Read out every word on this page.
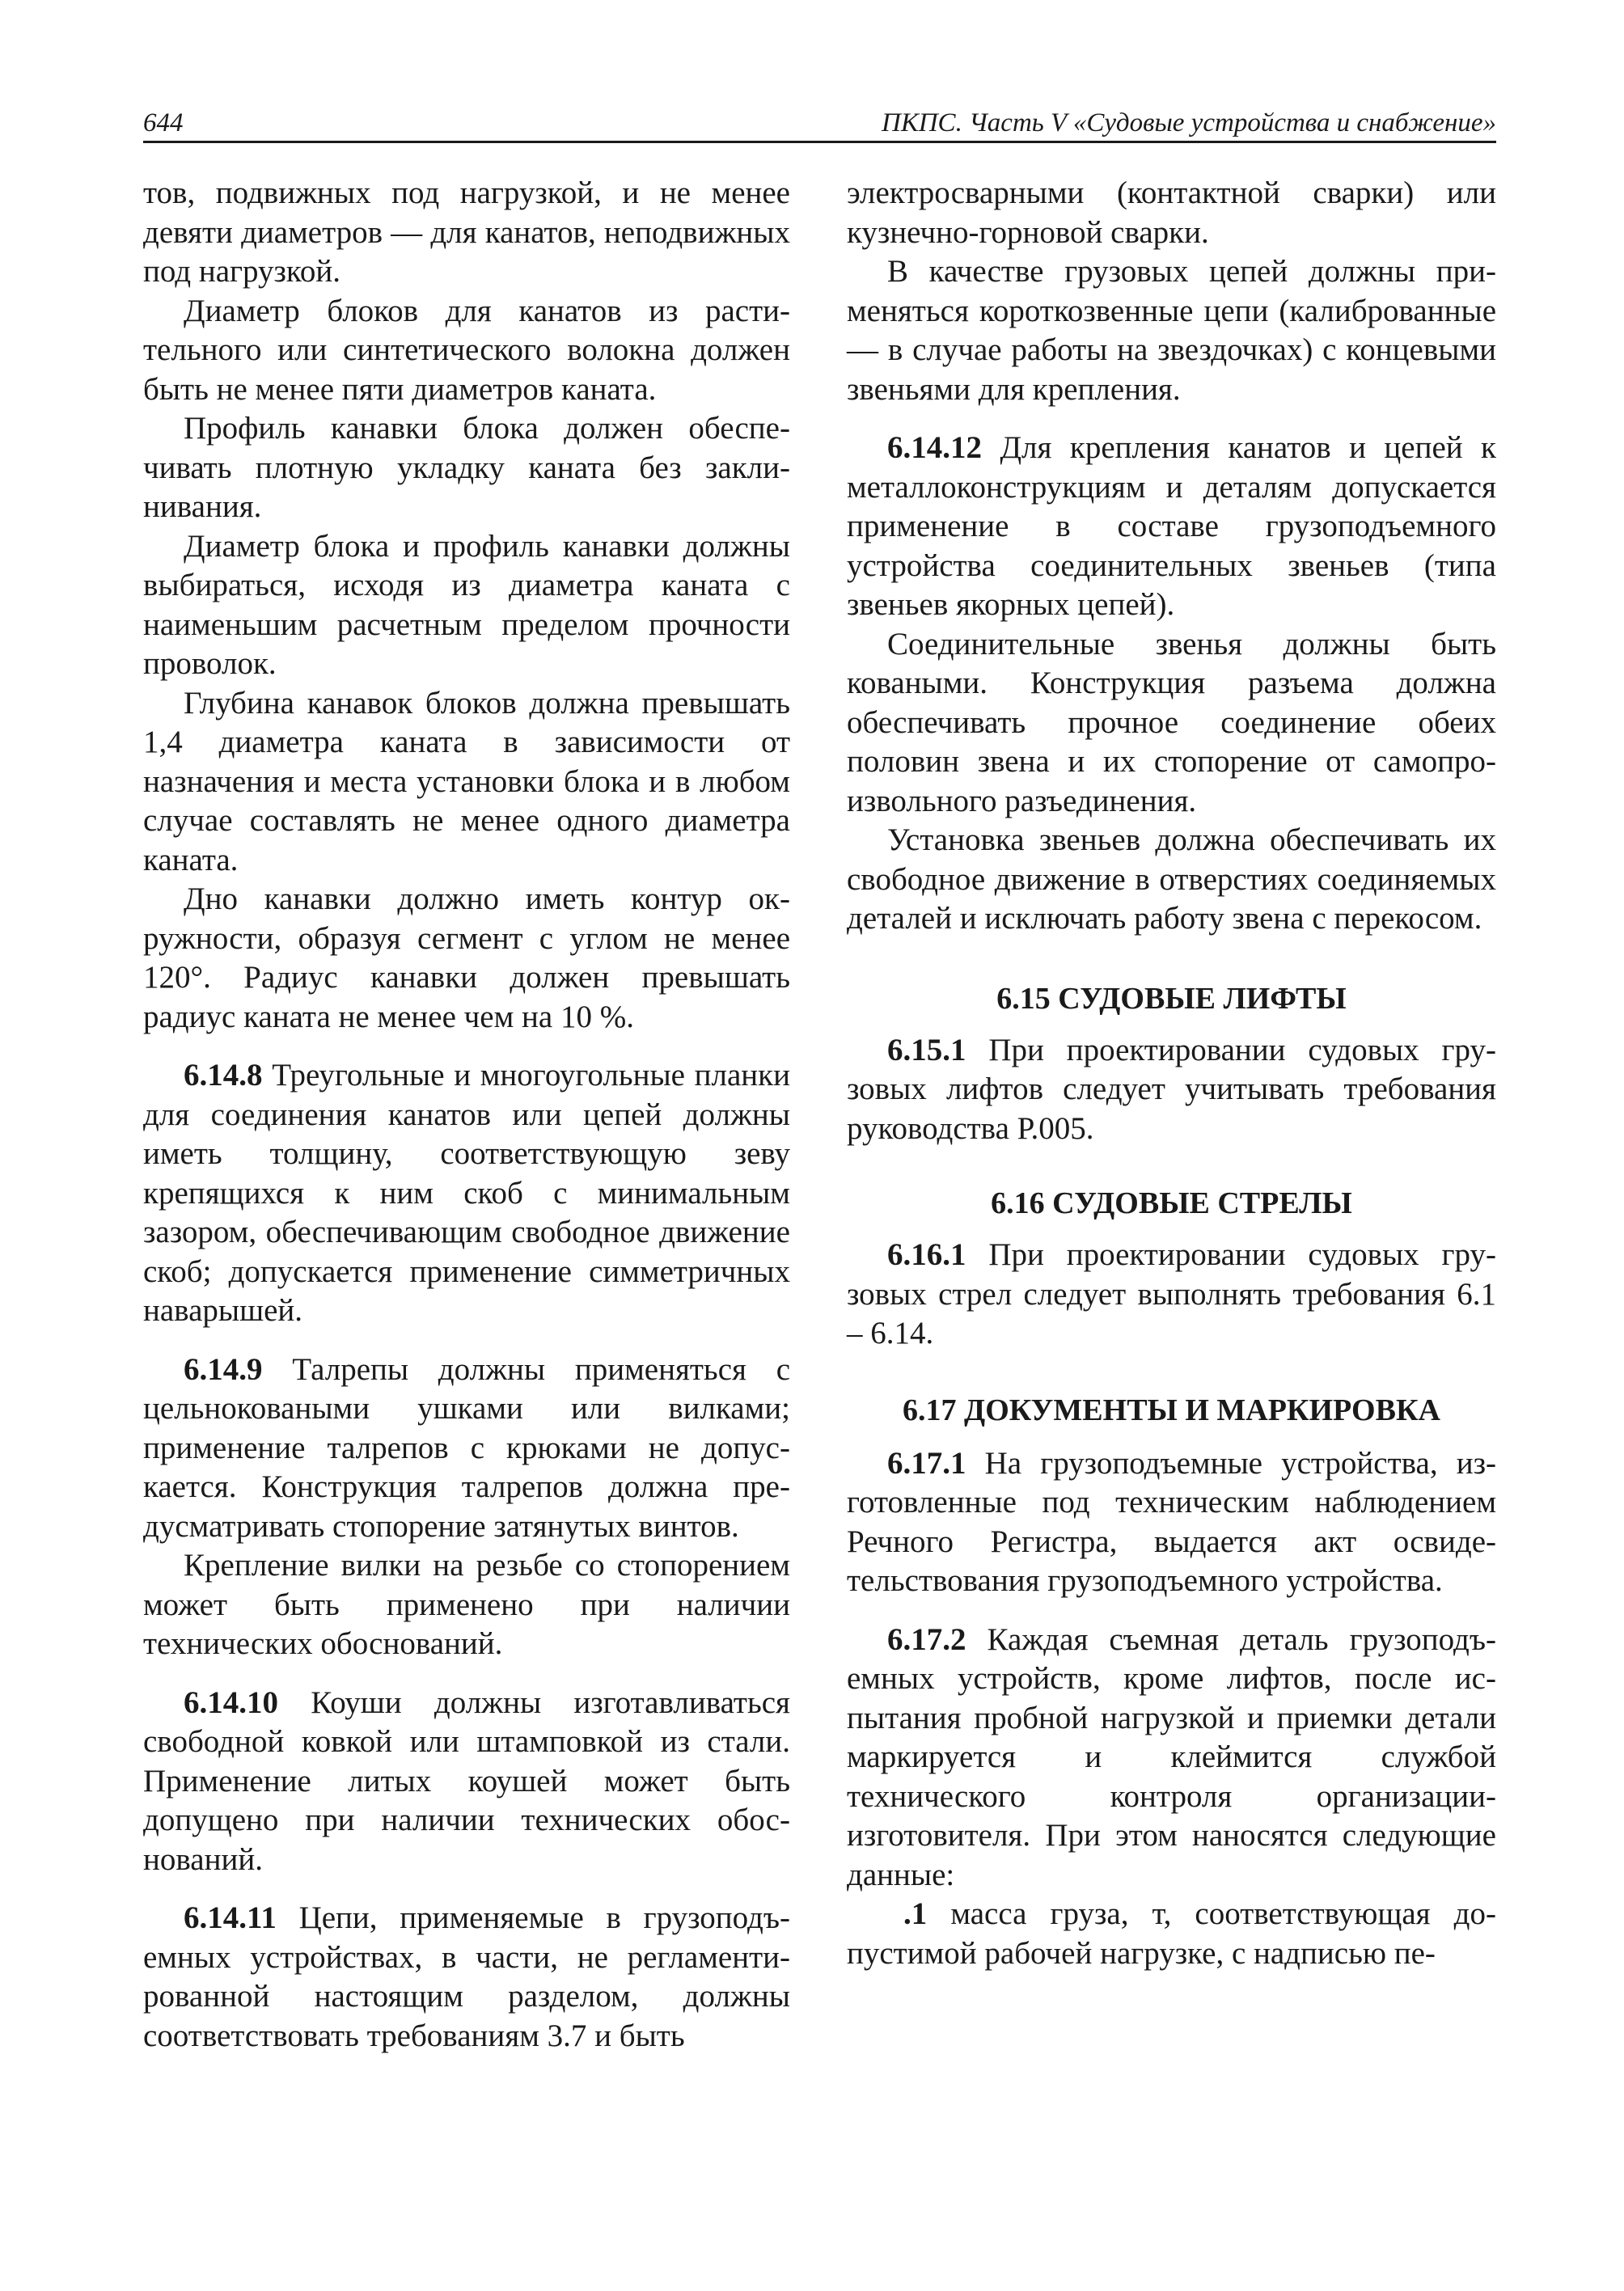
644	ПКПС. Часть V «Судовые устройства и снабжение»

тов, подвижных под нагрузкой, и не менее девяти диаметров — для канатов, неподвижных под нагрузкой.

Диаметр блоков для канатов из растительного или синтетического волокна должен быть не менее пяти диаметров каната.

Профиль канавки блока должен обеспечивать плотную укладку каната без заклинивания.

Диаметр блока и профиль канавки должны выбираться, исходя из диаметра каната с наименьшим расчетным пределом прочности проволок.

Глубина канавок блоков должна превышать 1,4 диаметра каната в зависимости от назначения и места установки блока и в любом случае составлять не менее одного диаметра каната.

Дно канавки должно иметь контур окружности, образуя сегмент с углом не менее 120°. Радиус канавки должен превышать радиус каната не менее чем на 10 %.

6.14.8 Треугольные и многоугольные планки для соединения канатов или цепей должны иметь толщину, соответствующую зеву крепящихся к ним скоб с минимальным зазором, обеспечивающим свободное движение скоб; допускается применение симметричных наварышей.

6.14.9 Талрепы должны применяться с цельноковаными ушками или вилками; применение талрепов с крюками не допускается. Конструкция талрепов должна предусматривать стопорение затянутых винтов.

Крепление вилки на резьбе со стопорением может быть применено при наличии технических обоснований.

6.14.10 Коуши должны изготавливаться свободной ковкой или штамповкой из стали. Применение литых коушей может быть допущено при наличии технических обоснований.

6.14.11 Цепи, применяемые в грузоподъемных устройствах, в части, не регламентированной настоящим разделом, должны соответствовать требованиям 3.7 и быть

электросварными (контактной сварки) или кузнечно-горновой сварки.

В качестве грузовых цепей должны применяться короткозвенные цепи (калиброванные — в случае работы на звездочках) с концевыми звеньями для крепления.

6.14.12 Для крепления канатов и цепей к металлоконструкциям и деталям допускается применение в составе грузоподъемного устройства соединительных звеньев (типа звеньев якорных цепей).

Соединительные звенья должны быть коваными. Конструкция разъема должна обеспечивать прочное соединение обеих половин звена и их стопорение от самопроизвольного разъединения.

Установка звеньев должна обеспечивать их свободное движение в отверстиях соединяемых деталей и исключать работу звена с перекосом.

6.15 СУДОВЫЕ ЛИФТЫ

6.15.1 При проектировании судовых грузовых лифтов следует учитывать требования руководства Р.005.

6.16 СУДОВЫЕ СТРЕЛЫ

6.16.1 При проектировании судовых грузовых стрел следует выполнять требования 6.1 – 6.14.

6.17 ДОКУМЕНТЫ И МАРКИРОВКА

6.17.1 На грузоподъемные устройства, изготовленные под техническим наблюдением Речного Регистра, выдается акт освидетельствования грузоподъемного устройства.

6.17.2 Каждая съемная деталь грузоподъемных устройств, кроме лифтов, после испытания пробной нагрузкой и приемки детали маркируется и клеймится службой технического контроля организации-изготовителя. При этом наносятся следующие данные:

.1 масса груза, т, соответствующая допустимой рабочей нагрузке, с надписью пе-
